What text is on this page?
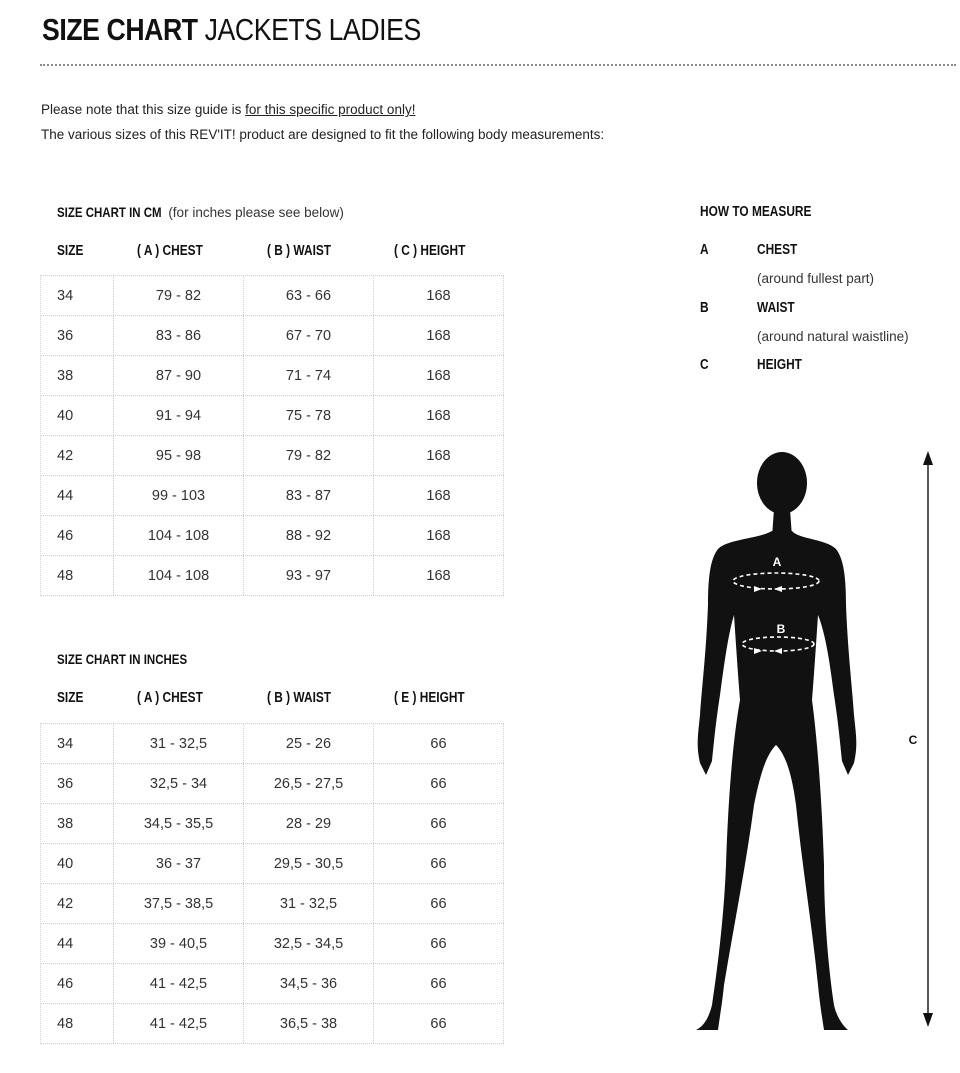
SIZE CHART JACKETS LADIES
Please note that this size guide is for this specific product only!
The various sizes of this REV'IT! product are designed to fit the following body measurements:
SIZE CHART IN CM (for inches please see below)
SIZE	( A ) CHEST	( B ) WAIST	( C ) HEIGHT
34	79 - 82	63 - 66	168
36	83 - 86	67 - 70	168
38	87 - 90	71 - 74	168
40	91 - 94	75 - 78	168
42	95 - 98	79 - 82	168
44	99 - 103	83 - 87	168
46	104 - 108	88 - 92	168
48	104 - 108	93 - 97	168
SIZE CHART IN INCHES
SIZE	( A ) CHEST	( B ) WAIST	( E ) HEIGHT
34	31 - 32,5	25 - 26	66
36	32,5 - 34	26,5 - 27,5	66
38	34,5 - 35,5	28 - 29	66
40	36 - 37	29,5 - 30,5	66
42	37,5 - 38,5	31 - 32,5	66
44	39 - 40,5	32,5 - 34,5	66
46	41 - 42,5	34,5 - 36	66
48	41 - 42,5	36,5 - 38	66
HOW TO MEASURE
A	CHEST
(around fullest part)
B	WAIST
(around natural waistline)
C	HEIGHT
A
B
C
